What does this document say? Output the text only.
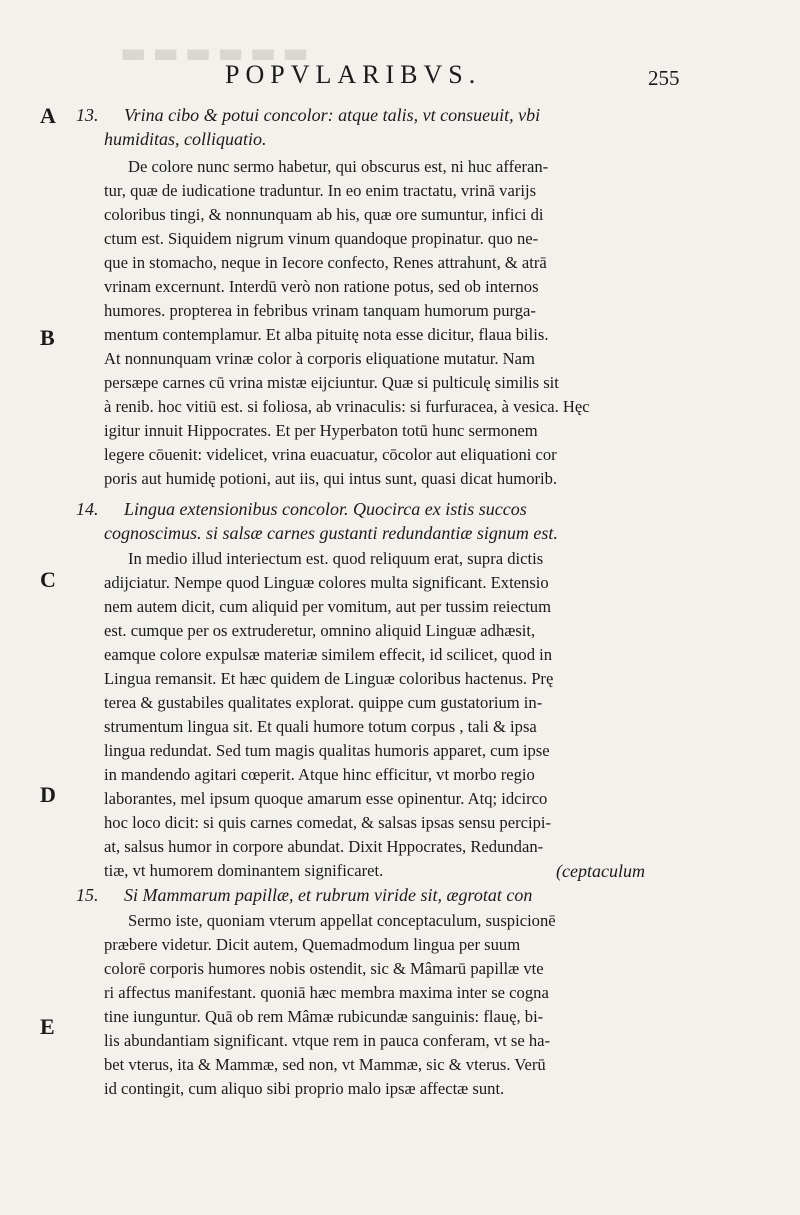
▬▬▬▬▬▬
POPVLARIBVS.	255
A
B
C
D
E
13.	Vrina cibo & potui concolor: atque talis, vt consueuit, vbi
humiditas, colliquatio.
De colore nunc sermo habetur, qui obscurus est, ni huc afferan-
tur, quæ de iudicatione traduntur. In eo enim tractatu, vrinā varijs
coloribus tingi, & nonnunquam ab his, quæ ore sumuntur, infici di
ctum est. Siquidem nigrum vinum quandoque propinatur. quo ne-
que in stomacho, neque in Iecore confecto, Renes attrahunt, & atrā
vrinam excernunt. Interdū verò non ratione potus, sed ob internos
humores. propterea in febribus vrinam tanquam humorum purga-
mentum contemplamur. Et alba pituitę nota esse dicitur, flaua bilis.
At nonnunquam vrinæ color à corporis eliquatione mutatur. Nam
persæpe carnes cū vrina mistæ eijciuntur. Quæ si pulticulę similis sit
à renib. hoc vitiū est. si foliosa, ab vrinaculis: si furfuracea, à vesica. Hęc
igitur innuit Hippocrates. Et per Hyperbaton totū hunc sermonem
legere cōuenit: videlicet, vrina euacuatur, cōcolor aut eliquationi cor
poris aut humidę potioni, aut iis, qui intus sunt, quasi dicat humorib.
14.	Lingua extensionibus concolor. Quocirca ex istis succos
cognoscimus. si salsæ carnes gustanti redundantiæ signum est.
In medio illud interiectum est. quod reliquum erat, supra dictis
adijciatur. Nempe quod Linguæ colores multa significant. Extensio
nem autem dicit, cum aliquid per vomitum, aut per tussim reiectum
est. cumque per os extruderetur, omnino aliquid Linguæ adhæsit,
eamque colore expulsæ materiæ similem effecit, id scilicet, quod in
Lingua remansit. Et hæc quidem de Linguæ coloribus hactenus. Prę
terea & gustabiles qualitates explorat. quippe cum gustatorium in-
strumentum lingua sit. Et quali humore totum corpus , tali & ipsa
lingua redundat. Sed tum magis qualitas humoris apparet, cum ipse
in mandendo agitari cœperit. Atque hinc efficitur, vt morbo regio
laborantes, mel ipsum quoque amarum esse opinentur. Atq; idcirco
hoc loco dicit: si quis carnes comedat, & salsas ipsas sensu percipi-
at, salsus humor in corpore abundat. Dixit Hppocrates, Redundan-
tiæ, vt humorem dominantem significaret.	(ceptaculum
15.	Si Mammarum papillæ, et rubrum viride sit, ægrotat con
Sermo iste, quoniam vterum appellat conceptaculum, suspicionē
præbere videtur. Dicit autem, Quemadmodum lingua per suum
colorē corporis humores nobis ostendit, sic & Mâmarū papillæ vte
ri affectus manifestant. quoniā hæc membra maxima inter se cogna
tine iunguntur. Quā ob rem Mâmæ rubicundæ sanguinis: flauę, bi-
lis abundantiam significant. vtque rem in pauca conferam, vt se ha-
bet vterus, ita & Mammæ, sed non, vt Mammæ, sic & vterus. Verū
id contingit, cum aliquo sibi proprio malo ipsæ affectæ sunt.
